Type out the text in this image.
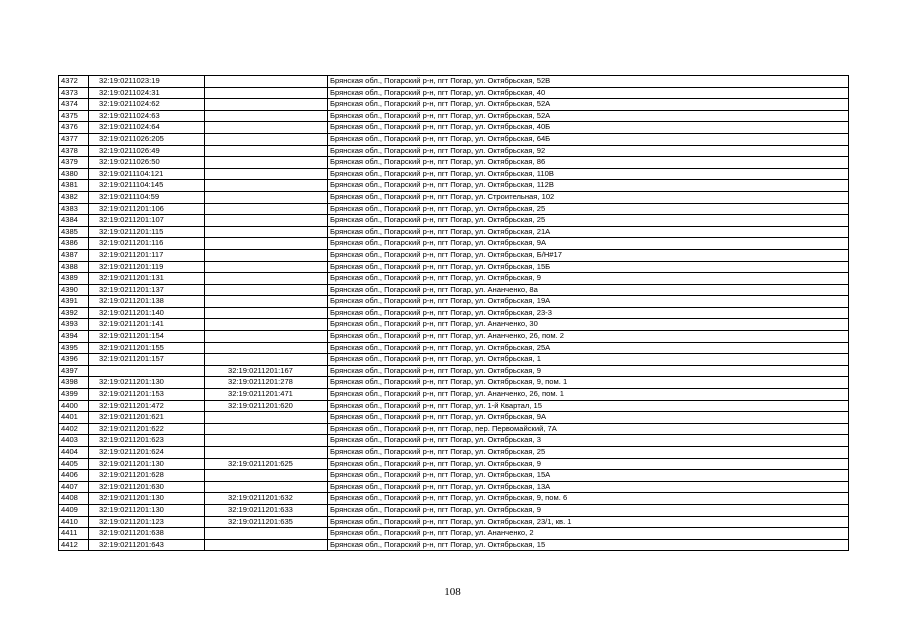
4372	32:19:0211023:19		Брянская обл., Погарский р-н, пгт Погар, ул. Октябрьская, 52В
4373	32:19:0211024:31		Брянская обл., Погарский р-н, пгт Погар, ул. Октябрьская, 40
4374	32:19:0211024:62		Брянская обл., Погарский р-н, пгт Погар, ул. Октябрьская, 52А
4375	32:19:0211024:63		Брянская обл., Погарский р-н, пгт Погар, ул. Октябрьская, 52А
4376	32:19:0211024:64		Брянская обл., Погарский р-н, пгт Погар, ул. Октябрьская, 40Б
4377	32:19:0211026:205		Брянская обл., Погарский р-н, пгт Погар, ул. Октябрьская, 64Б
4378	32:19:0211026:49		Брянская обл., Погарский р-н, пгт Погар, ул. Октябрьская, 92
4379	32:19:0211026:50		Брянская обл., Погарский р-н, пгт Погар, ул. Октябрьская, 86
4380	32:19:0211104:121		Брянская обл., Погарский р-н, пгт Погар, ул. Октябрьская, 110В
4381	32:19:0211104:145		Брянская обл., Погарский р-н, пгт Погар, ул. Октябрьская, 112В
4382	32:19:0211104:59		Брянская обл., Погарский р-н, пгт Погар, ул. Строительная, 102
4383	32:19:0211201:106		Брянская обл., Погарский р-н, пгт Погар, ул. Октябрьская, 25
4384	32:19:0211201:107		Брянская обл., Погарский р-н, пгт Погар, ул. Октябрьская, 25
4385	32:19:0211201:115		Брянская обл., Погарский р-н, пгт Погар, ул. Октябрьская, 21А
4386	32:19:0211201:116		Брянская обл., Погарский р-н, пгт Погар, ул. Октябрьская, 9А
4387	32:19:0211201:117		Брянская обл., Погарский р-н, пгт Погар, ул. Октябрьская, Б/Н#17
4388	32:19:0211201:119		Брянская обл., Погарский р-н, пгт Погар, ул. Октябрьская, 15Б
4389	32:19:0211201:131		Брянская обл., Погарский р-н, пгт Погар, ул. Октябрьская, 9
4390	32:19:0211201:137		Брянская обл., Погарский р-н, пгт Погар, ул. Ананченко, 8а
4391	32:19:0211201:138		Брянская обл., Погарский р-н, пгт Погар, ул. Октябрьская, 19А
4392	32:19:0211201:140		Брянская обл., Погарский р-н, пгт Погар, ул. Октябрьская, 23-3
4393	32:19:0211201:141		Брянская обл., Погарский р-н, пгт Погар, ул. Ананченко, 30
4394	32:19:0211201:154		Брянская обл., Погарский р-н, пгт Погар, ул. Ананченко, 26, пом. 2
4395	32:19:0211201:155		Брянская обл., Погарский р-н, пгт Погар, ул. Октябрьская, 25А
4396	32:19:0211201:157		Брянская обл., Погарский р-н, пгт Погар, ул. Октябрьская, 1
4397		32:19:0211201:167	Брянская обл., Погарский р-н, пгт Погар, ул. Октябрьская, 9
4398	32:19:0211201:130	32:19:0211201:278	Брянская обл., Погарский р-н, пгт Погар, ул. Октябрьская, 9, пом. 1
4399	32:19:0211201:153	32:19:0211201:471	Брянская обл., Погарский р-н, пгт Погар, ул. Ананченко, 26, пом. 1
4400	32:19:0211201:472	32:19:0211201:620	Брянская обл., Погарский р-н, пгт Погар, ул. 1-й Квартал, 15
4401	32:19:0211201:621		Брянская обл., Погарский р-н, пгт Погар, ул. Октябрьская, 9А
4402	32:19:0211201:622		Брянская обл., Погарский р-н, пгт Погар, пер. Первомайский, 7А
4403	32:19:0211201:623		Брянская обл., Погарский р-н, пгт Погар, ул. Октябрьская, 3
4404	32:19:0211201:624		Брянская обл., Погарский р-н, пгт Погар, ул. Октябрьская, 25
4405	32:19:0211201:130	32:19:0211201:625	Брянская обл., Погарский р-н, пгт Погар, ул. Октябрьская, 9
4406	32:19:0211201:628		Брянская обл., Погарский р-н, пгт Погар, ул. Октябрьская, 15А
4407	32:19:0211201:630		Брянская обл., Погарский р-н, пгт Погар, ул. Октябрьская, 13А
4408	32:19:0211201:130	32:19:0211201:632	Брянская обл., Погарский р-н, пгт Погар, ул. Октябрьская, 9, пом. 6
4409	32:19:0211201:130	32:19:0211201:633	Брянская обл., Погарский р-н, пгт Погар, ул. Октябрьская, 9
4410	32:19:0211201:123	32:19:0211201:635	Брянская обл., Погарский р-н, пгт Погар, ул. Октябрьская, 23/1, кв. 1
4411	32:19:0211201:638		Брянская обл., Погарский р-н, пгт Погар, ул. Ананченко, 2
4412	32:19:0211201:643		Брянская обл., Погарский р-н, пгт Погар, ул. Октябрьская, 15
108
